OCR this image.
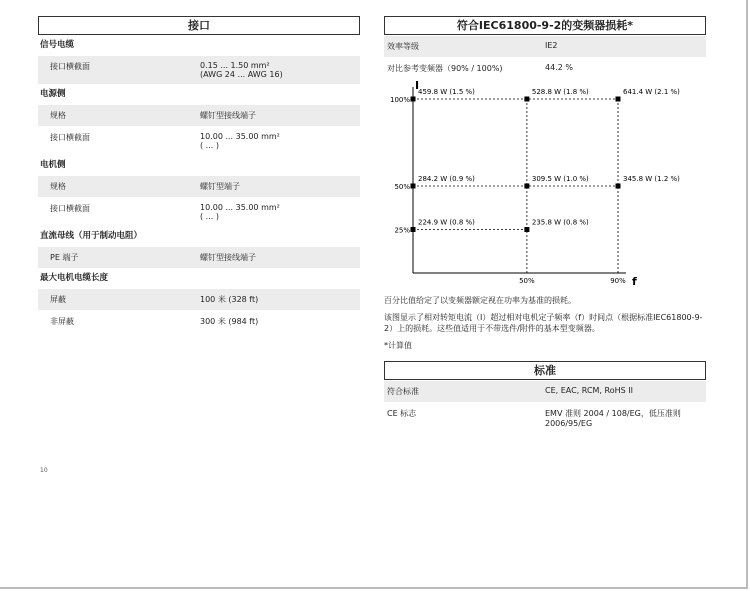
接口
信号电缆
接口横截面	0.15 ... 1.50 mm²
(AWG 24 ... AWG 16)
电源侧
规格	螺钉型接线端子
接口横截面	10.00 ... 35.00 mm²
( ... )
电机侧
规格	螺钉型端子
接口横截面	10.00 ... 35.00 mm²
( ... )
直流母线（用于制动电阻）
PE 端子	螺钉型接线端子
最大电机电缆长度
屏蔽	100 米 (328 ft)
非屏蔽	300 米 (984 ft)
符合IEC61800-9-2的变频器损耗*
效率等级	IE2
对比参考变频器（90% / 100%)	44.2 %
I
f
25%
50%
100%
50%	90%
459.8 W (1.5 %)	528.8 W (1.8 %)	641.4 W (2.1 %)
284.2 W (0.9 %)	309.5 W (1.0 %)	345.8 W (1.2 %)
224.9 W (0.8 %)	235.8 W (0.8 %)
百分比值给定了以变频器额定视在功率为基准的损耗。
该图显示了相对转矩电流（I）超过相对电机定子频率（f）时间点（根据标准IEC61800-9-2）上的损耗。这些值适用于不带选件/附件的基本型变频器。
*计算值
标准
符合标准	CE, EAC, RCM, RoHS II
CE 标志	EMV 准则 2004 / 108/EG，低压准则 2006/95/EG
10
